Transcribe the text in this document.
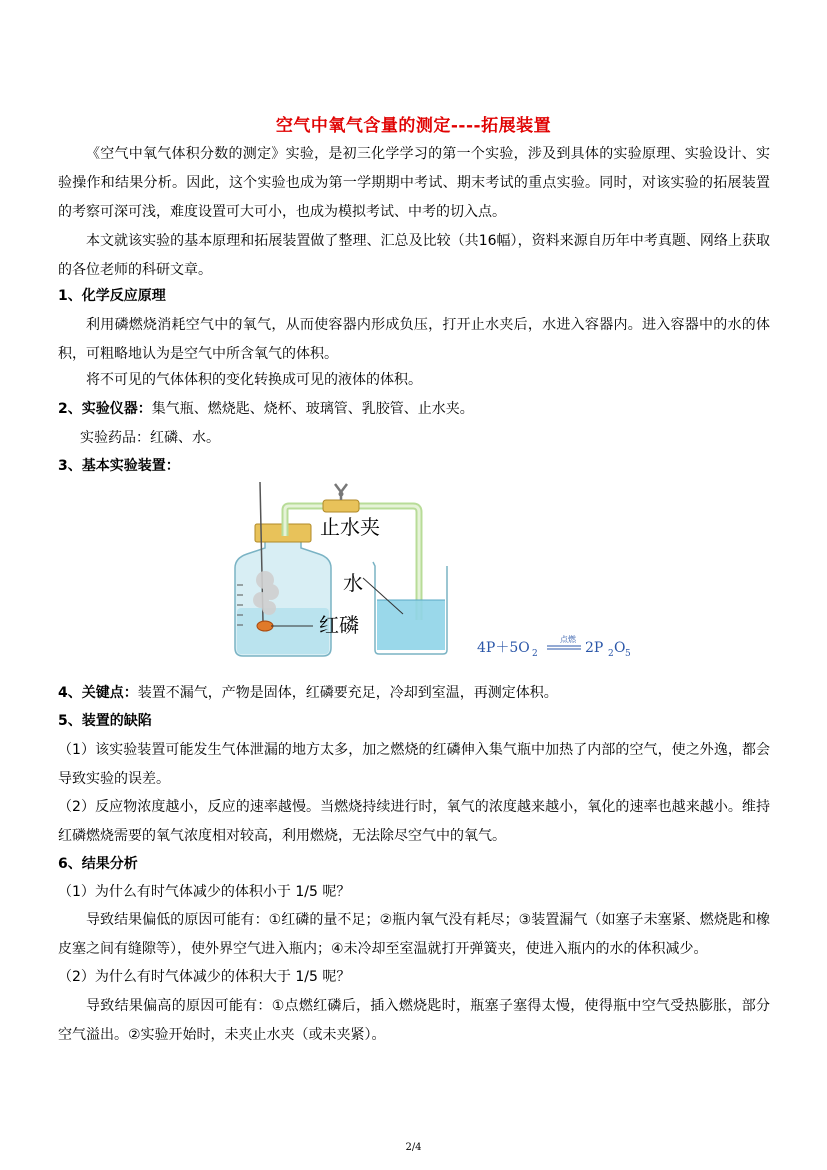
空气中氧气含量的测定----拓展装置
《空气中氧气体积分数的测定》实验，是初三化学学习的第一个实验，涉及到具体的实验原理、实验设计、实验操作和结果分析。因此，这个实验也成为第一学期期中考试、期末考试的重点实验。同时，对该实验的拓展装置的考察可深可浅，难度设置可大可小，也成为模拟考试、中考的切入点。
本文就该实验的基本原理和拓展装置做了整理、汇总及比较（共16幅），资料来源自历年中考真题、网络上获取的各位老师的科研文章。
1、化学反应原理
利用磷燃烧消耗空气中的氧气，从而使容器内形成负压，打开止水夹后，水进入容器内。进入容器中的水的体积，可粗略地认为是空气中所含氧气的体积。
将不可见的气体体积的变化转换成可见的液体的体积。
2、实验仪器：集气瓶、燃烧匙、烧杯、玻璃管、乳胶管、止水夹。
实验药品：红磷、水。
3、基本实验装置：
止水夹
水
红磷
4P＋5O 2
点燃
2P 2 O 5
4、关键点：装置不漏气，产物是固体，红磷要充足，冷却到室温，再测定体积。
5、装置的缺陷
（1）该实验装置可能发生气体泄漏的地方太多，加之燃烧的红磷伸入集气瓶中加热了内部的空气，使之外逸，都会导致实验的误差。
（2）反应物浓度越小，反应的速率越慢。当燃烧持续进行时，氧气的浓度越来越小，氧化的速率也越来越小。维持红磷燃烧需要的氧气浓度相对较高，利用燃烧，无法除尽空气中的氧气。
6、结果分析
（1）为什么有时气体减少的体积小于 1/5 呢？
导致结果偏低的原因可能有：①红磷的量不足；②瓶内氧气没有耗尽；③装置漏气（如塞子未塞紧、燃烧匙和橡皮塞之间有缝隙等），使外界空气进入瓶内；④未冷却至室温就打开弹簧夹，使进入瓶内的水的体积减少。
（2）为什么有时气体减少的体积大于 1/5 呢？
导致结果偏高的原因可能有：①点燃红磷后，插入燃烧匙时，瓶塞子塞得太慢，使得瓶中空气受热膨胀，部分空气溢出。②实验开始时，未夹止水夹（或未夹紧）。
2/4
